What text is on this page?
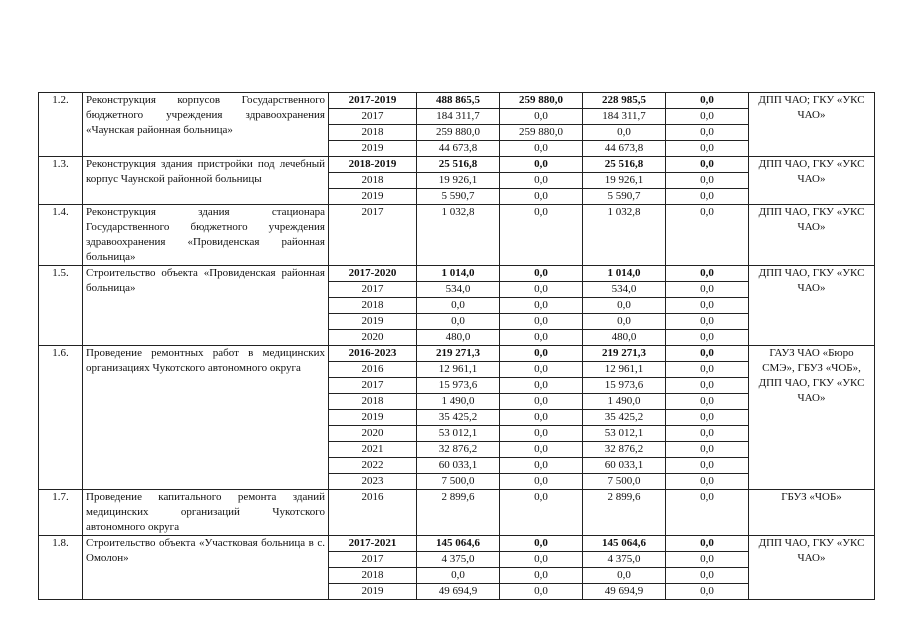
1.2.	Реконструкция корпусов Государственного бюджетного учреждения здравоохранения «Чаунская районная больница»	2017-2019	488 865,5	259 880,0	228 985,5	0,0	ДПП ЧАО; ГКУ «УКС ЧАО»
		2017	184 311,7	0,0	184 311,7	0,0	
		2018	259 880,0	259 880,0	0,0	0,0	
		2019	44 673,8	0,0	44 673,8	0,0	
1.3.	Реконструкция здания пристройки под лечебный корпус Чаунской районной больницы	2018-2019	25 516,8	0,0	25 516,8	0,0	ДПП ЧАО, ГКУ «УКС ЧАО»
		2018	19 926,1	0,0	19 926,1	0,0	
		2019	5 590,7	0,0	5 590,7	0,0	
1.4.	Реконструкция здания стационара Государственного бюджетного учреждения здравоохранения «Провиденская районная больница»	2017	1 032,8	0,0	1 032,8	0,0	ДПП ЧАО, ГКУ «УКС ЧАО»
1.5.	Строительство объекта «Провиденская районная больница»	2017-2020	1 014,0	0,0	1 014,0	0,0	ДПП ЧАО, ГКУ «УКС ЧАО»
		2017	534,0	0,0	534,0	0,0	
		2018	0,0	0,0	0,0	0,0	
		2019	0,0	0,0	0,0	0,0	
		2020	480,0	0,0	480,0	0,0	
1.6.	Проведение ремонтных работ в медицинских организациях Чукотского автономного округа	2016-2023	219 271,3	0,0	219 271,3	0,0	ГАУЗ ЧАО «Бюро СМЭ», ГБУЗ «ЧОБ», ДПП ЧАО, ГКУ «УКС ЧАО»
		2016	12 961,1	0,0	12 961,1	0,0	
		2017	15 973,6	0,0	15 973,6	0,0	
		2018	1 490,0	0,0	1 490,0	0,0	
		2019	35 425,2	0,0	35 425,2	0,0	
		2020	53 012,1	0,0	53 012,1	0,0	
		2021	32 876,2	0,0	32 876,2	0,0	
		2022	60 033,1	0,0	60 033,1	0,0	
		2023	7 500,0	0,0	7 500,0	0,0	
1.7.	Проведение капитального ремонта зданий медицинских организаций Чукотского автономного округа	2016	2 899,6	0,0	2 899,6	0,0	ГБУЗ «ЧОБ»
1.8.	Строительство объекта «Участковая больница в с. Омолон»	2017-2021	145 064,6	0,0	145 064,6	0,0	ДПП ЧАО, ГКУ «УКС ЧАО»
		2017	4 375,0	0,0	4 375,0	0,0	
		2018	0,0	0,0	0,0	0,0	
		2019	49 694,9	0,0	49 694,9	0,0	
